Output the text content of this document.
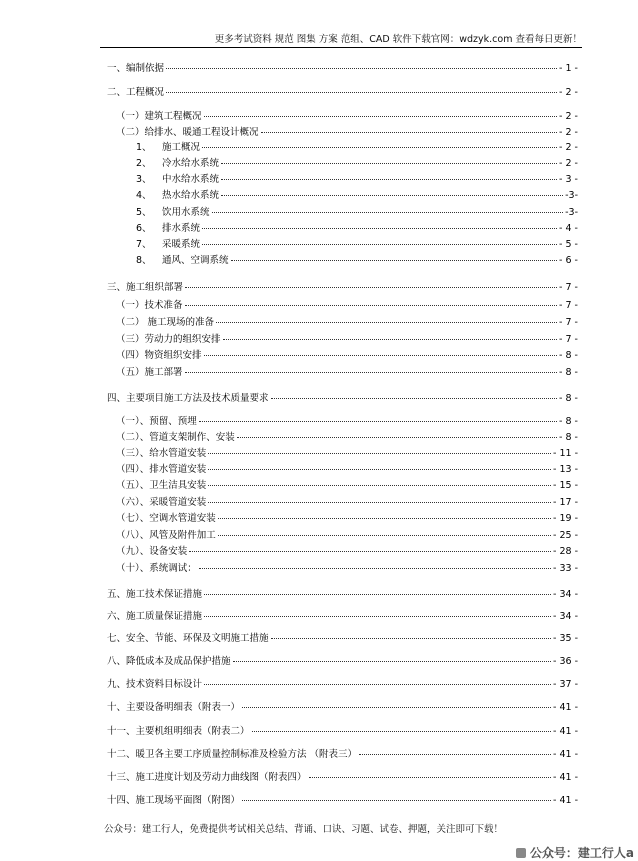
更多考试资料 规范 图集 方案 范组、CAD 软件下载官网：wdzyk.com 查看每日更新！
一、编制依据	- 1 -
二、工程概况	- 2 -
（一）建筑工程概况	- 2 -
（二）给排水、暖通工程设计概况	- 2 -
1、	施工概况	- 2 -
2、	冷水给水系统	- 2 -
3、	中水给水系统	- 3 -
4、	热水给水系统	-3-
5、	饮用水系统	-3-
6、	排水系统	- 4 -
7、	采暖系统	- 5 -
8、	通风、空调系统	- 6 -
三、施工组织部署	- 7 -
（一）技术准备	- 7 -
（二） 施工现场的准备	- 7 -
（三）劳动力的组织安排	- 7 -
（四）物资组织安排	- 8 -
（五）施工部署	- 8 -
四、主要项目施工方法及技术质量要求	- 8 -
（一）、预留、预埋	- 8 -
（二）、管道支架制作、安装	- 8 -
（三）、给水管道安装	- 11 -
（四）、排水管道安装	- 13 -
（五）、卫生洁具安装	- 15 -
（六）、采暖管道安装	- 17 -
（七）、空调水管道安装	- 19 -
（八）、风管及附件加工	- 25 -
（九）、设备安装	- 28 -
（十）、系统调试：	- 33 -
五、施工技术保证措施	- 34 -
六、施工质量保证措施	- 34 -
七、安全、节能、环保及文明施工措施	- 35 -
八、降低成本及成品保护措施	- 36 -
九、技术资料目标设计	- 37 -
十、主要设备明细表（附表一）	- 41 -
十一、主要机组明细表（附表二）	- 41 -
十二、暖卫各主要工序质量控制标准及检验方法 （附表三）	- 41 -
十三、施工进度计划及劳动力曲线图（附表四）	- 41 -
十四、施工现场平面图（附图）	- 41 -
公众号：建工行人，免费提供考试相关总结、背诵、口诀、习题、试卷、押题，关注即可下载！
公众号：建工行人a
